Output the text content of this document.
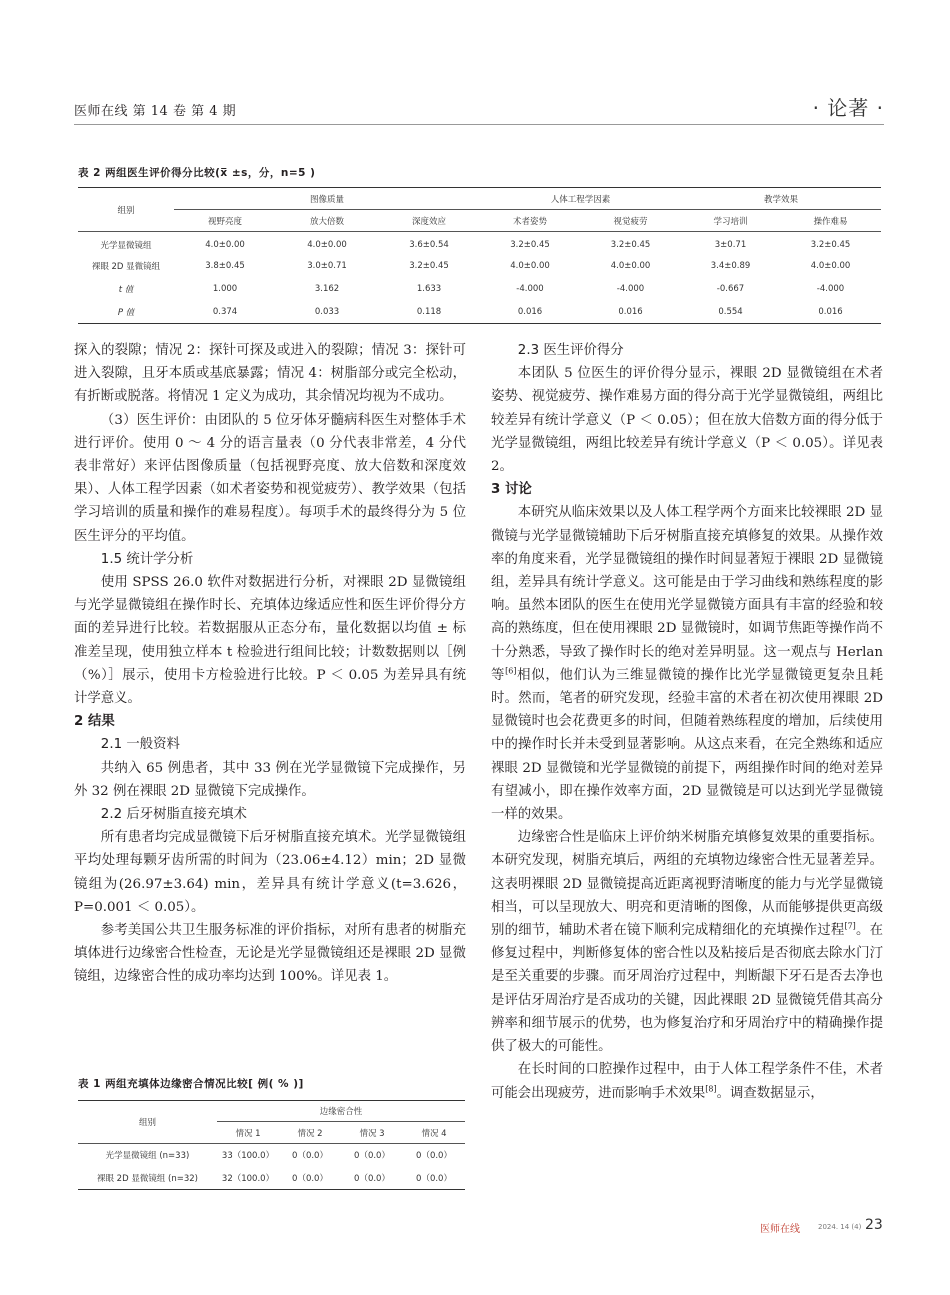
医师在线 第 14 卷 第 4 期	· 论著 ·
表 2 两组医生评价得分比较(x̅ ±s，分，n=5 )
组别	图像质量			人体工程学因素		教学效果	
	视野亮度	放大倍数	深度效应	术者姿势	视觉疲劳	学习培训	操作难易
光学显微镜组	4.0±0.00	4.0±0.00	3.6±0.54	3.2±0.45	3.2±0.45	3±0.71	3.2±0.45
裸眼 2D 显微镜组	3.8±0.45	3.0±0.71	3.2±0.45	4.0±0.00	4.0±0.00	3.4±0.89	4.0±0.00
t 值	1.000	3.162	1.633	-4.000	-4.000	-0.667	-4.000
P 值	0.374	0.033	0.118	0.016	0.016	0.554	0.016

探入的裂隙；情况 2：探针可探及或进入的裂隙；情况 3：探针可进入裂隙，且牙本质或基底暴露；情况 4：树脂部分或完全松动，有折断或脱落。将情况 1 定义为成功，其余情况均视为不成功。

（3）医生评价：由团队的 5 位牙体牙髓病科医生对整体手术进行评价。使用 0 ～ 4 分的语言量表（0 分代表非常差，4 分代表非常好）来评估图像质量（包括视野亮度、放大倍数和深度效果）、人体工程学因素（如术者姿势和视觉疲劳）、教学效果（包括学习培训的质量和操作的难易程度）。每项手术的最终得分为 5 位医生评分的平均值。

1.5 统计学分析

使用 SPSS 26.0 软件对数据进行分析，对裸眼 2D 显微镜组与光学显微镜组在操作时长、充填体边缘适应性和医生评价得分方面的差异进行比较。若数据服从正态分布，量化数据以均值 ± 标准差呈现，使用独立样本 t 检验进行组间比较；计数数据则以［例（%）］展示，使用卡方检验进行比较。P ＜ 0.05 为差异具有统计学意义。

2 结果
2.1 一般资料

共纳入 65 例患者，其中 33 例在光学显微镜下完成操作，另外 32 例在裸眼 2D 显微镜下完成操作。

2.2 后牙树脂直接充填术

所有患者均完成显微镜下后牙树脂直接充填术。光学显微镜组平均处理每颗牙齿所需的时间为（23.06±4.12）min；2D 显微镜组为(26.97±3.64) min，差异具有统计学意义(t=3.626，P=0.001 ＜ 0.05）。

参考美国公共卫生服务标准的评价指标，对所有患者的树脂充填体进行边缘密合性检查，无论是光学显微镜组还是裸眼 2D 显微镜组，边缘密合性的成功率均达到 100%。详见表 1。

表 1 两组充填体边缘密合情况比较[ 例( % )]
组别	边缘密合性			
	情况 1	情况 2	情况 3	情况 4
光学显微镜组 (n=33)	33（100.0）	0（0.0）	0（0.0）	0（0.0）
裸眼 2D 显微镜组 (n=32)	32（100.0）	0（0.0）	0（0.0）	0（0.0）
2.3 医生评价得分

本团队 5 位医生的评价得分显示，裸眼 2D 显微镜组在术者姿势、视觉疲劳、操作难易方面的得分高于光学显微镜组，两组比较差异有统计学意义（P ＜ 0.05）；但在放大倍数方面的得分低于光学显微镜组，两组比较差异有统计学意义（P ＜ 0.05）。详见表 2。

3 讨论

本研究从临床效果以及人体工程学两个方面来比较裸眼 2D 显微镜与光学显微镜辅助下后牙树脂直接充填修复的效果。从操作效率的角度来看，光学显微镜组的操作时间显著短于裸眼 2D 显微镜组，差异具有统计学意义。这可能是由于学习曲线和熟练程度的影响。虽然本团队的医生在使用光学显微镜方面具有丰富的经验和较高的熟练度，但在使用裸眼 2D 显微镜时，如调节焦距等操作尚不十分熟悉，导致了操作时长的绝对差异明显。这一观点与 Herlan 等[6]相似，他们认为三维显微镜的操作比光学显微镜更复杂且耗时。然而，笔者的研究发现，经验丰富的术者在初次使用裸眼 2D 显微镜时也会花费更多的时间，但随着熟练程度的增加，后续使用中的操作时长并未受到显著影响。从这点来看，在完全熟练和适应裸眼 2D 显微镜和光学显微镜的前提下，两组操作时间的绝对差异有望减小，即在操作效率方面，2D 显微镜是可以达到光学显微镜一样的效果。

边缘密合性是临床上评价纳米树脂充填修复效果的重要指标。本研究发现，树脂充填后，两组的充填物边缘密合性无显著差异。这表明裸眼 2D 显微镜提高近距离视野清晰度的能力与光学显微镜相当，可以呈现放大、明亮和更清晰的图像，从而能够提供更高级别的细节，辅助术者在镜下顺利完成精细化的充填操作过程[7]。在修复过程中，判断修复体的密合性以及粘接后是否彻底去除水门汀是至关重要的步骤。而牙周治疗过程中，判断龈下牙石是否去净也是评估牙周治疗是否成功的关键，因此裸眼 2D 显微镜凭借其高分辨率和细节展示的优势，也为修复治疗和牙周治疗中的精确操作提供了极大的可能性。

在长时间的口腔操作过程中，由于人体工程学条件不佳，术者可能会出现疲劳，进而影响手术效果[8]。调查数据显示，

医师在线	2024. 14 (4) 23
